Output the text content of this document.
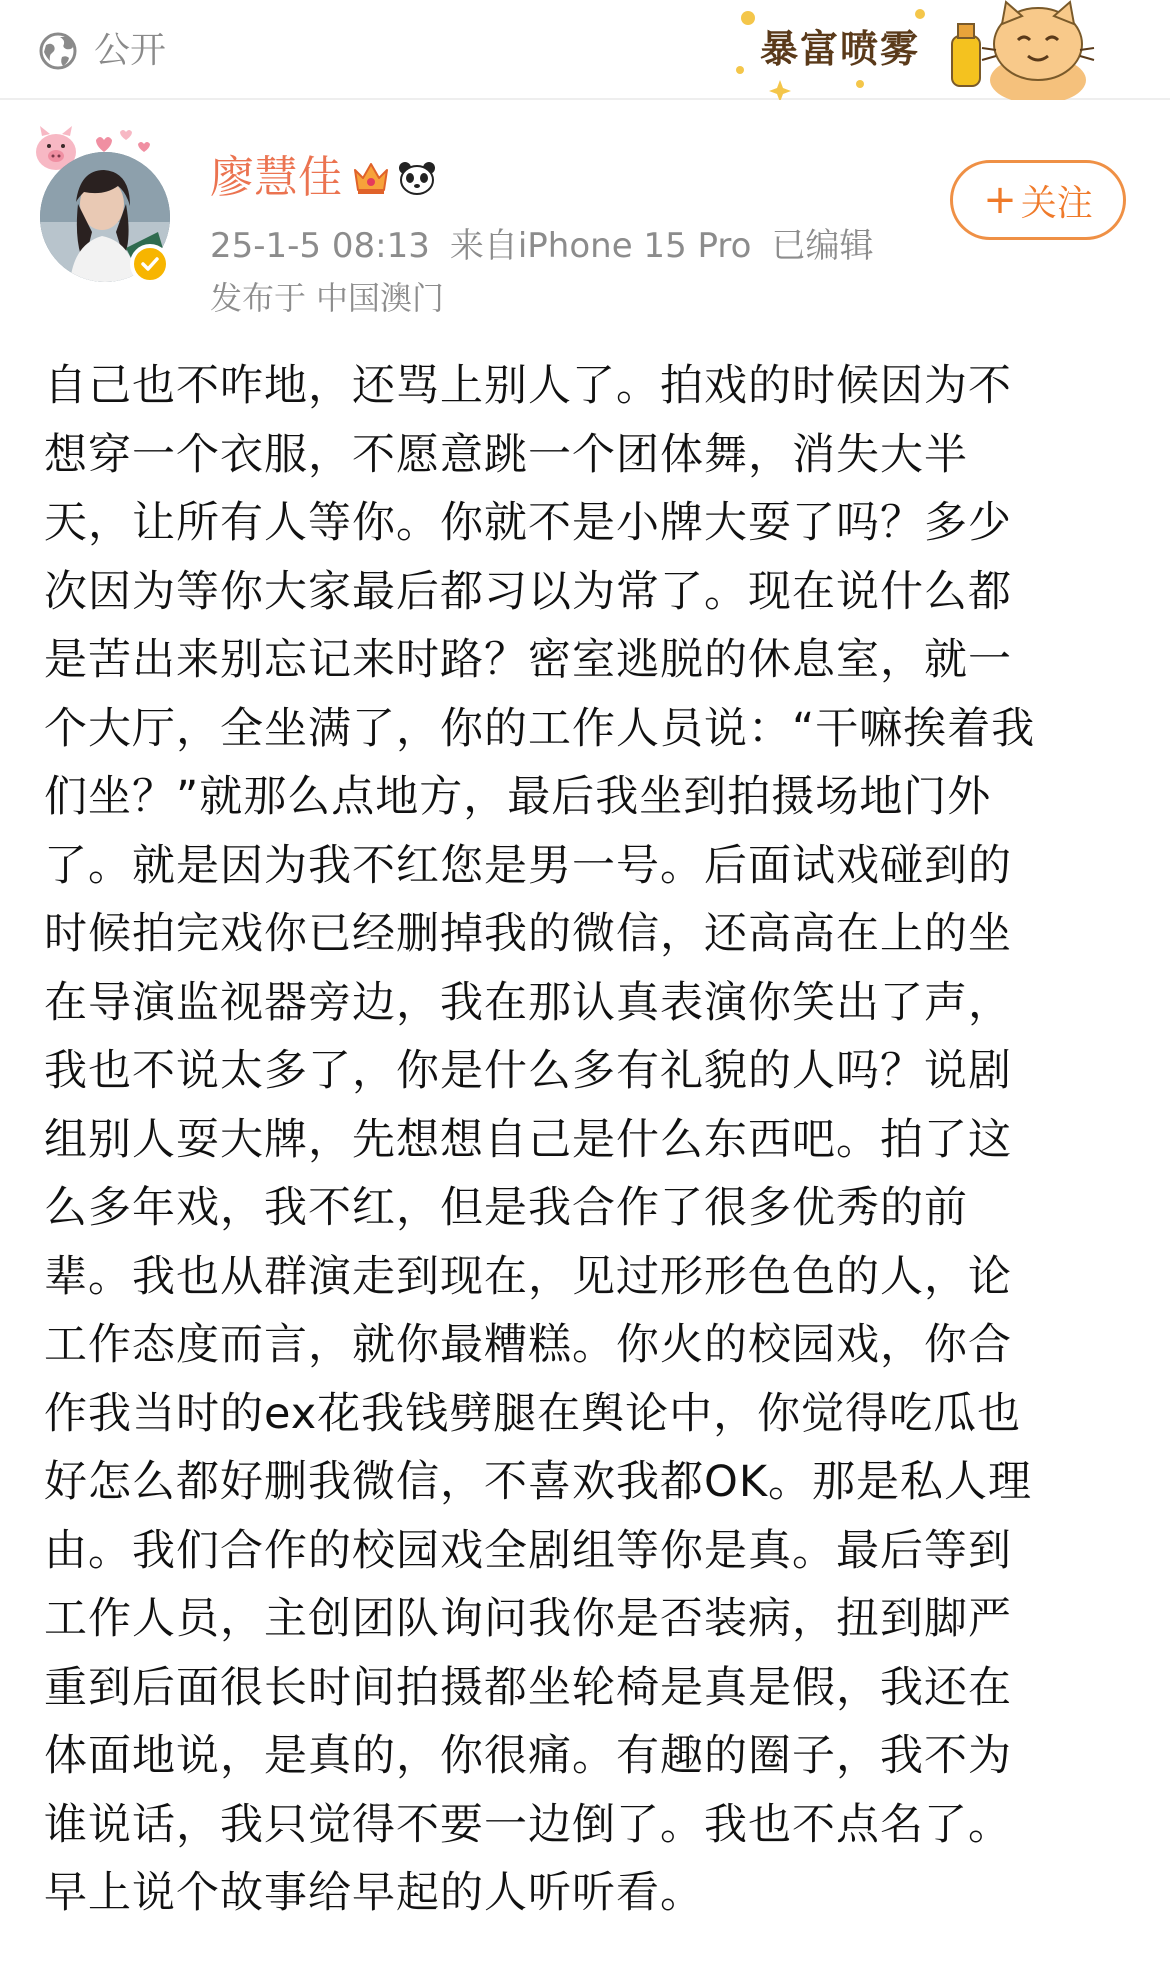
公开	暴富喷雾
廖慧佳
25-1-5 08:13 来自iPhone 15 Pro 已编辑
发布于 中国澳门
+ 关注
自己也不咋地，还骂上别人了。拍戏的时候因为不
想穿一个衣服，不愿意跳一个团体舞，消失大半
天，让所有人等你。你就不是小牌大耍了吗？多少
次因为等你大家最后都习以为常了。现在说什么都
是苦出来别忘记来时路？密室逃脱的休息室，就一
个大厅，全坐满了，你的工作人员说：“干嘛挨着我
们坐？”就那么点地方，最后我坐到拍摄场地门外
了。就是因为我不红您是男一号。后面试戏碰到的
时候拍完戏你已经删掉我的微信，还高高在上的坐
在导演监视器旁边，我在那认真表演你笑出了声，
我也不说太多了，你是什么多有礼貌的人吗？说剧
组别人耍大牌，先想想自己是什么东西吧。拍了这
么多年戏，我不红，但是我合作了很多优秀的前
辈。我也从群演走到现在，见过形形色色的人，论
工作态度而言，就你最糟糕。你火的校园戏，你合
作我当时的ex花我钱劈腿在舆论中，你觉得吃瓜也
好怎么都好删我微信，不喜欢我都OK。那是私人理
由。我们合作的校园戏全剧组等你是真。最后等到
工作人员，主创团队询问我你是否装病，扭到脚严
重到后面很长时间拍摄都坐轮椅是真是假，我还在
体面地说，是真的，你很痛。有趣的圈子，我不为
谁说话，我只觉得不要一边倒了。我也不点名了。
早上说个故事给早起的人听听看。
